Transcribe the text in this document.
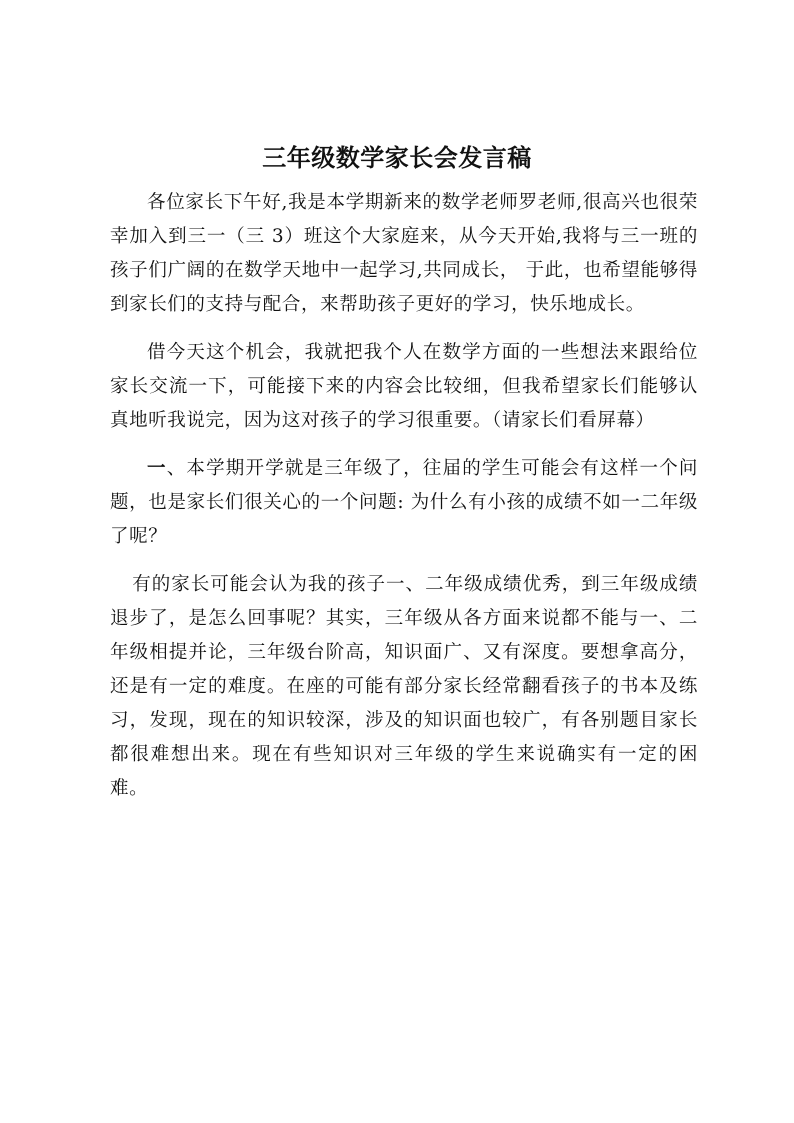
三年级数学家长会发言稿

各位家长下午好,我是本学期新来的数学老师罗老师,很高兴也很荣幸加入到三一（三 3）班这个大家庭来，从今天开始,我将与三一班的孩子们广阔的在数学天地中一起学习,共同成长， 于此，也希望能够得到家长们的支持与配合，来帮助孩子更好的学习，快乐地成长。

借今天这个机会，我就把我个人在数学方面的一些想法来跟给位家长交流一下，可能接下来的内容会比较细，但我希望家长们能够认真地听我说完，因为这对孩子的学习很重要。（请家长们看屏幕）

一、本学期开学就是三年级了，往届的学生可能会有这样一个问题，也是家长们很关心的一个问题: 为什么有小孩的成绩不如一二年级了呢？

有的家长可能会认为我的孩子一、二年级成绩优秀，到三年级成绩退步了，是怎么回事呢？其实，三年级从各方面来说都不能与一、二年级相提并论，三年级台阶高，知识面广、又有深度。要想拿高分，还是有一定的难度。在座的可能有部分家长经常翻看孩子的书本及练习，发现，现在的知识较深，涉及的知识面也较广，有各别题目家长都很难想出来。现在有些知识对三年级的学生来说确实有一定的困难。
